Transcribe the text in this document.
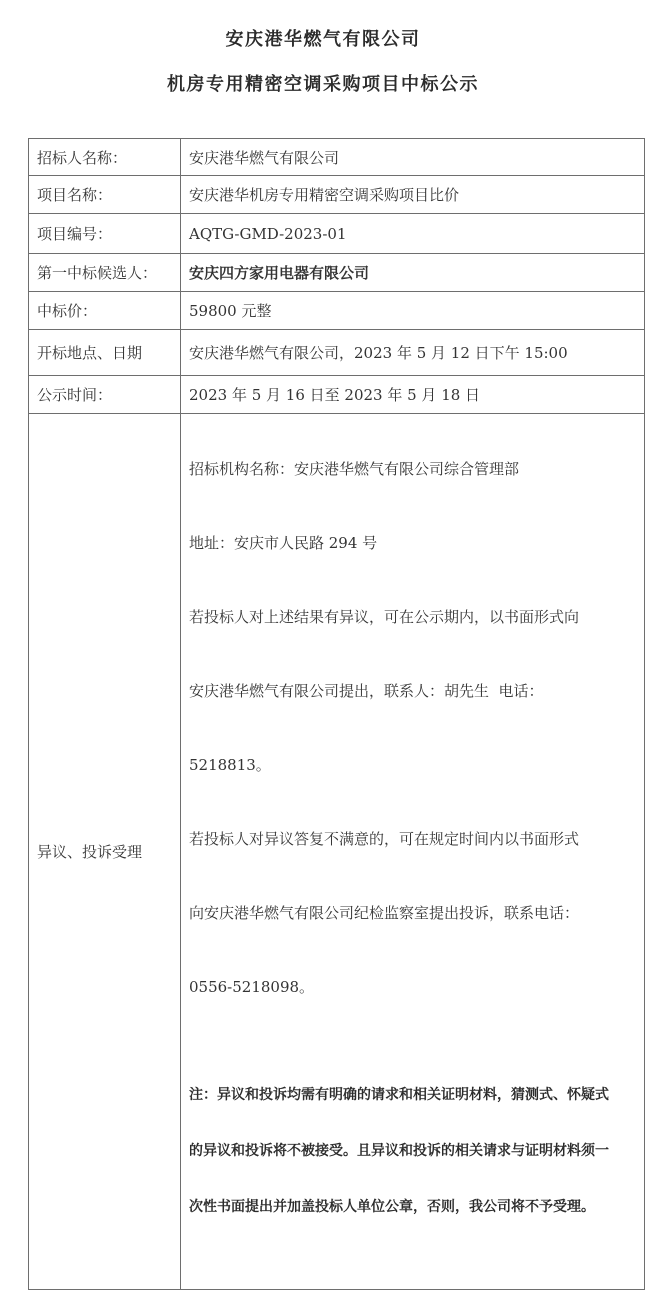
安庆港华燃气有限公司
机房专用精密空调采购项目中标公示
招标人名称：	安庆港华燃气有限公司
项目名称：	安庆港华机房专用精密空调采购项目比价
项目编号：	AQTG-GMD-2023-01
第一中标候选人：	安庆四方家用电器有限公司
中标价：	59800 元整
开标地点、日期	安庆港华燃气有限公司，2023 年 5 月 12 日下午 15:00
公示时间：	2023 年 5 月 16 日至 2023 年 5 月 18 日
异议、投诉受理	

招标机构名称：安庆港华燃气有限公司综合管理部

地址：安庆市人民路 294 号

若投标人对上述结果有异议，可在公示期内，以书面形式向

安庆港华燃气有限公司提出，联系人：胡先生  电话：

5218813。

若投标人对异议答复不满意的，可在规定时间内以书面形式

向安庆港华燃气有限公司纪检监察室提出投诉，联系电话：

0556-5218098。

注：异议和投诉均需有明确的请求和相关证明材料，猜测式、怀疑式

的异议和投诉将不被接受。且异议和投诉的相关请求与证明材料须一

次性书面提出并加盖投标人单位公章，否则，我公司将不予受理。
